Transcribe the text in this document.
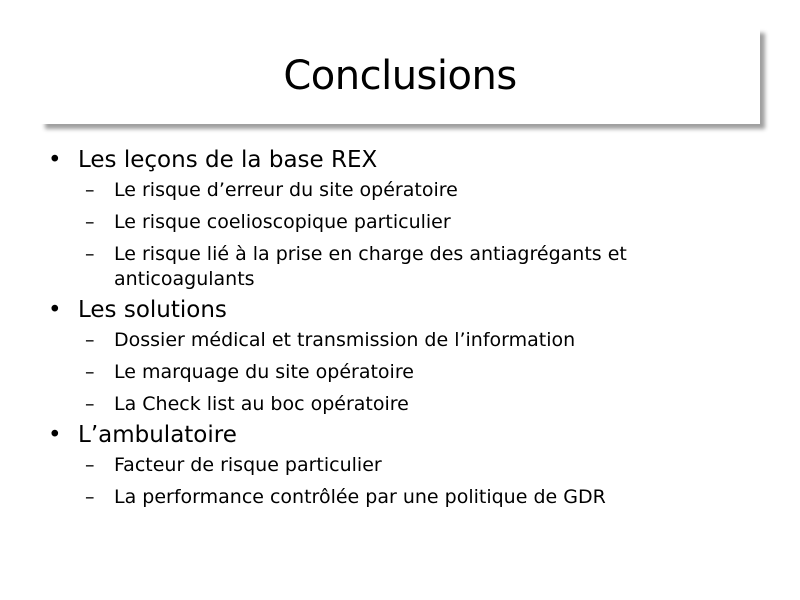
Conclusions
• Les leçons de la base REX
– Le risque d’erreur du site opératoire
– Le risque coelioscopique particulier
– Le risque lié à la prise en charge des antiagrégants et anticoagulants
• Les solutions
– Dossier médical et transmission de l’information
– Le marquage du site opératoire
– La Check list au boc opératoire
• L’ambulatoire
– Facteur de risque particulier
– La performance contrôlée par une politique de GDR
